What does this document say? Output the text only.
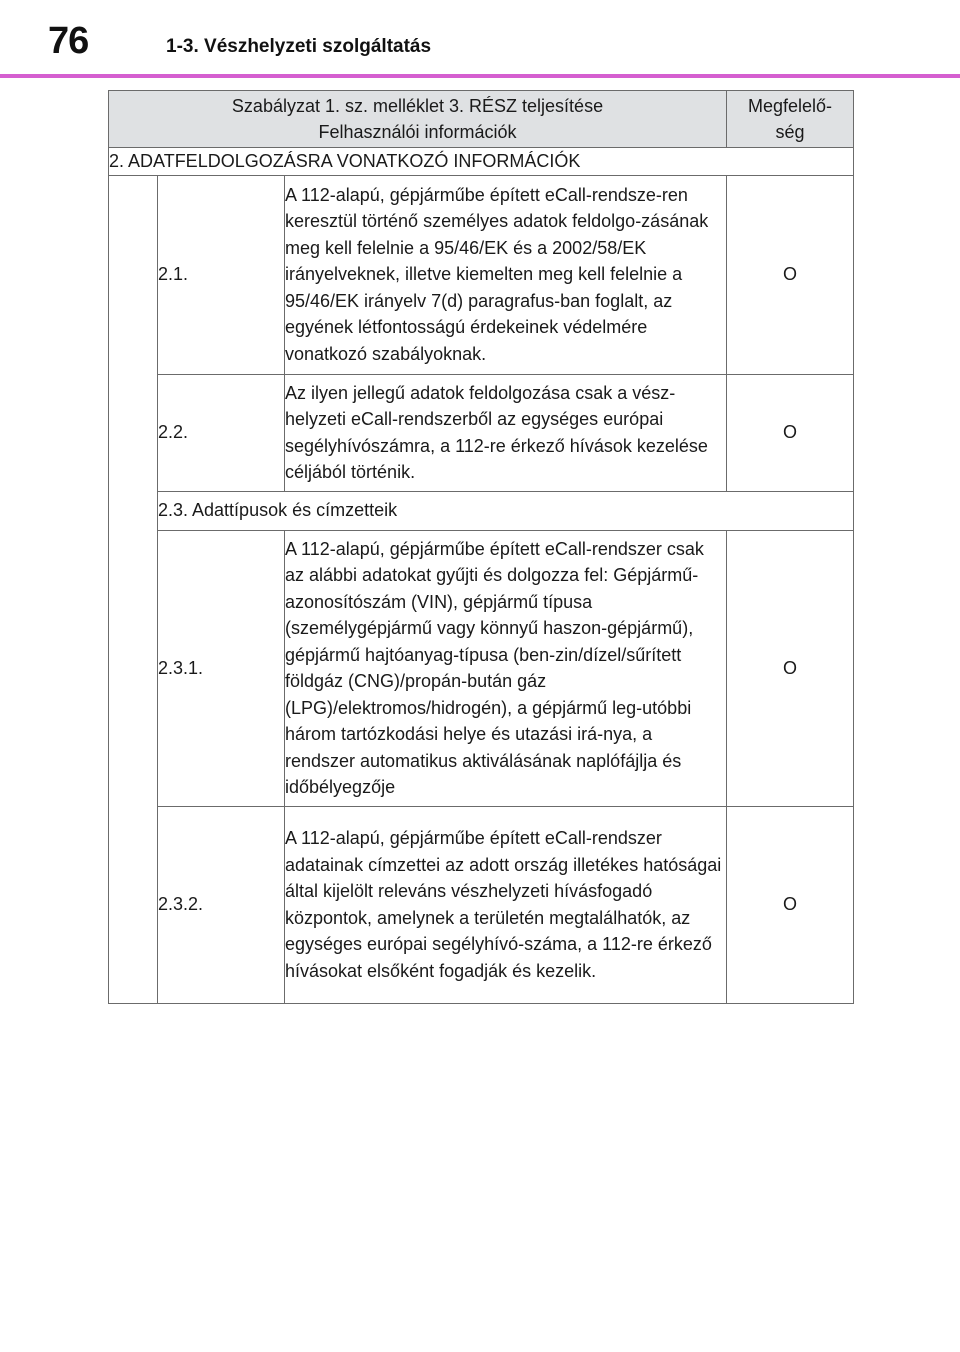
76	1-3. Vészhelyzeti szolgáltatás
Szabályzat 1. sz. melléklet 3. RÉSZ teljesítése
Felhasználói információk			Megfelelő-
ség

2. ADATFELDOLGOZÁSRA VONATKOZÓ INFORMÁCIÓK			
	2.1.	A 112-alapú, gépjárműbe épített eCall-rendsze-ren keresztül történő személyes adatok feldolgo-zásának meg kell felelnie a 95/46/EK és a 2002/58/EK irányelveknek, illetve kiemelten meg kell felelnie a 95/46/EK irányelv 7(d) paragrafus-ban foglalt, az egyének létfontosságú érdekeinek védelmére vonatkozó szabályoknak.	O
	2.2.	Az ilyen jellegű adatok feldolgozása csak a vész-helyzeti eCall-rendszerből az egységes európai segélyhívószámra, a 112-re érkező hívások kezelése céljából történik.	O
	2.3. Adattípusok és címzetteik		
	2.3.1.	A 112-alapú, gépjárműbe épített eCall-rendszer csak az alábbi adatokat gyűjti és dolgozza fel: Gépjármű-azonosítószám (VIN), gépjármű típusa (személygépjármű vagy könnyű haszon-gépjármű), gépjármű hajtóanyag-típusa (ben-zin/dízel/sűrített földgáz (CNG)/propán-bután gáz (LPG)/elektromos/hidrogén), a gépjármű leg-utóbbi három tartózkodási helye és utazási irá-nya, a rendszer automatikus aktiválásának naplófájlja és időbélyegzője	O
	2.3.2.	A 112-alapú, gépjárműbe épített eCall-rendszer adatainak címzettei az adott ország illetékes hatóságai által kijelölt releváns vészhelyzeti hívásfogadó központok, amelynek a területén megtalálhatók, az egységes európai segélyhívó-száma, a 112-re érkező hívásokat elsőként fogadják és kezelik.	O
